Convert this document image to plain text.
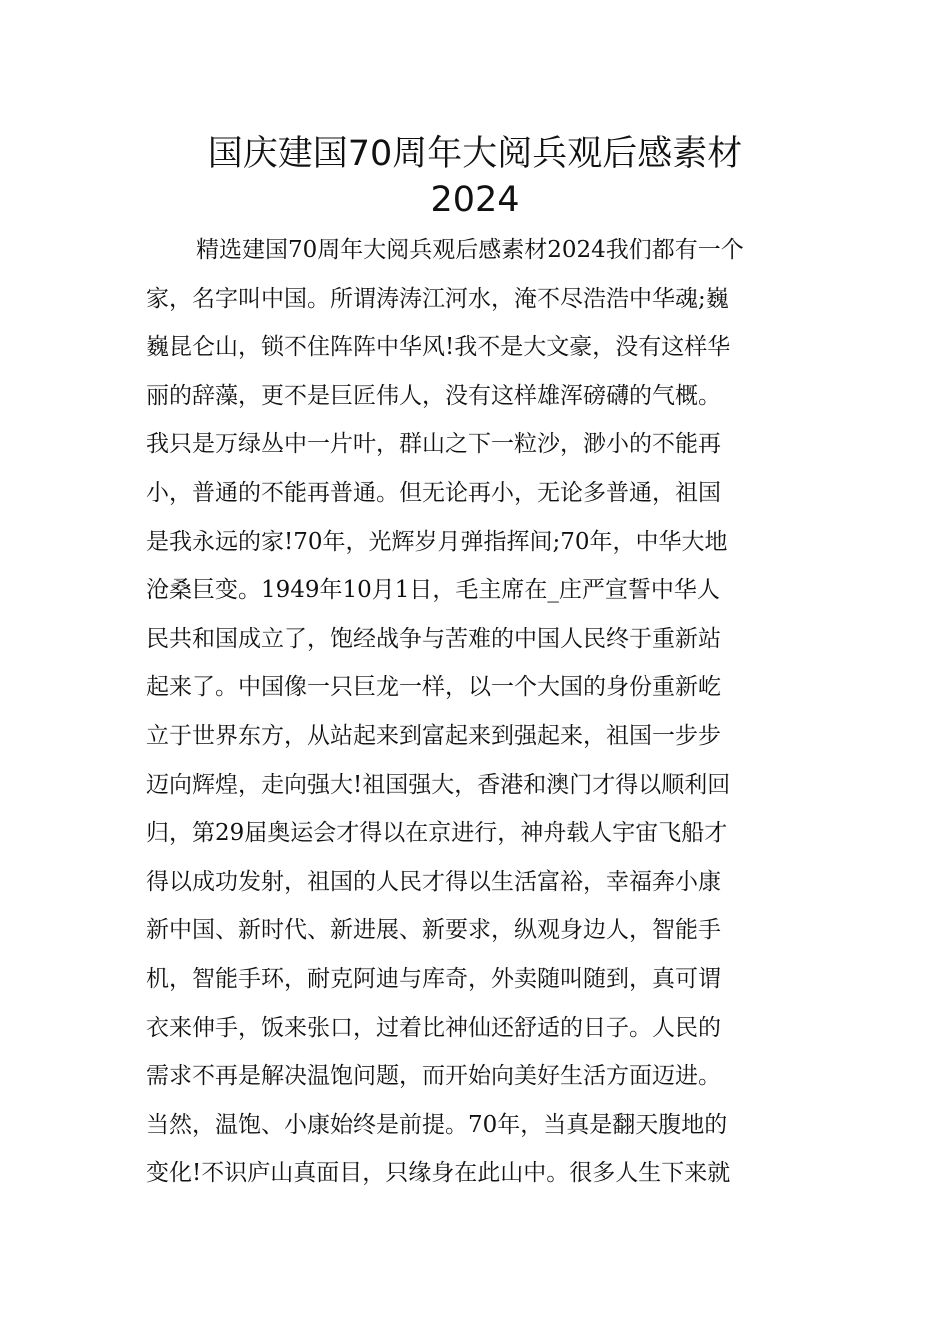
国庆建国70周年大阅兵观后感素材
2024
精选建国70周年大阅兵观后感素材2024我们都有一个
家，名字叫中国。所谓涛涛江河水，淹不尽浩浩中华魂;巍
巍昆仑山，锁不住阵阵中华风!我不是大文豪，没有这样华
丽的辞藻，更不是巨匠伟人，没有这样雄浑磅礴的气概。
我只是万绿丛中一片叶，群山之下一粒沙，渺小的不能再
小，普通的不能再普通。但无论再小，无论多普通，祖国
是我永远的家!70年，光辉岁月弹指挥间;70年，中华大地
沧桑巨变。1949年10月1日，毛主席在_庄严宣誓中华人
民共和国成立了，饱经战争与苦难的中国人民终于重新站
起来了。中国像一只巨龙一样，以一个大国的身份重新屹
立于世界东方，从站起来到富起来到强起来，祖国一步步
迈向辉煌，走向强大!祖国强大，香港和澳门才得以顺利回
归，第29届奥运会才得以在京进行，神舟载人宇宙飞船才
得以成功发射，祖国的人民才得以生活富裕，幸福奔小康
新中国、新时代、新进展、新要求，纵观身边人，智能手
机，智能手环，耐克阿迪与库奇，外卖随叫随到，真可谓
衣来伸手，饭来张口，过着比神仙还舒适的日子。人民的
需求不再是解决温饱问题，而开始向美好生活方面迈进。
当然，温饱、小康始终是前提。70年，当真是翻天腹地的
变化!不识庐山真面目，只缘身在此山中。很多人生下来就
